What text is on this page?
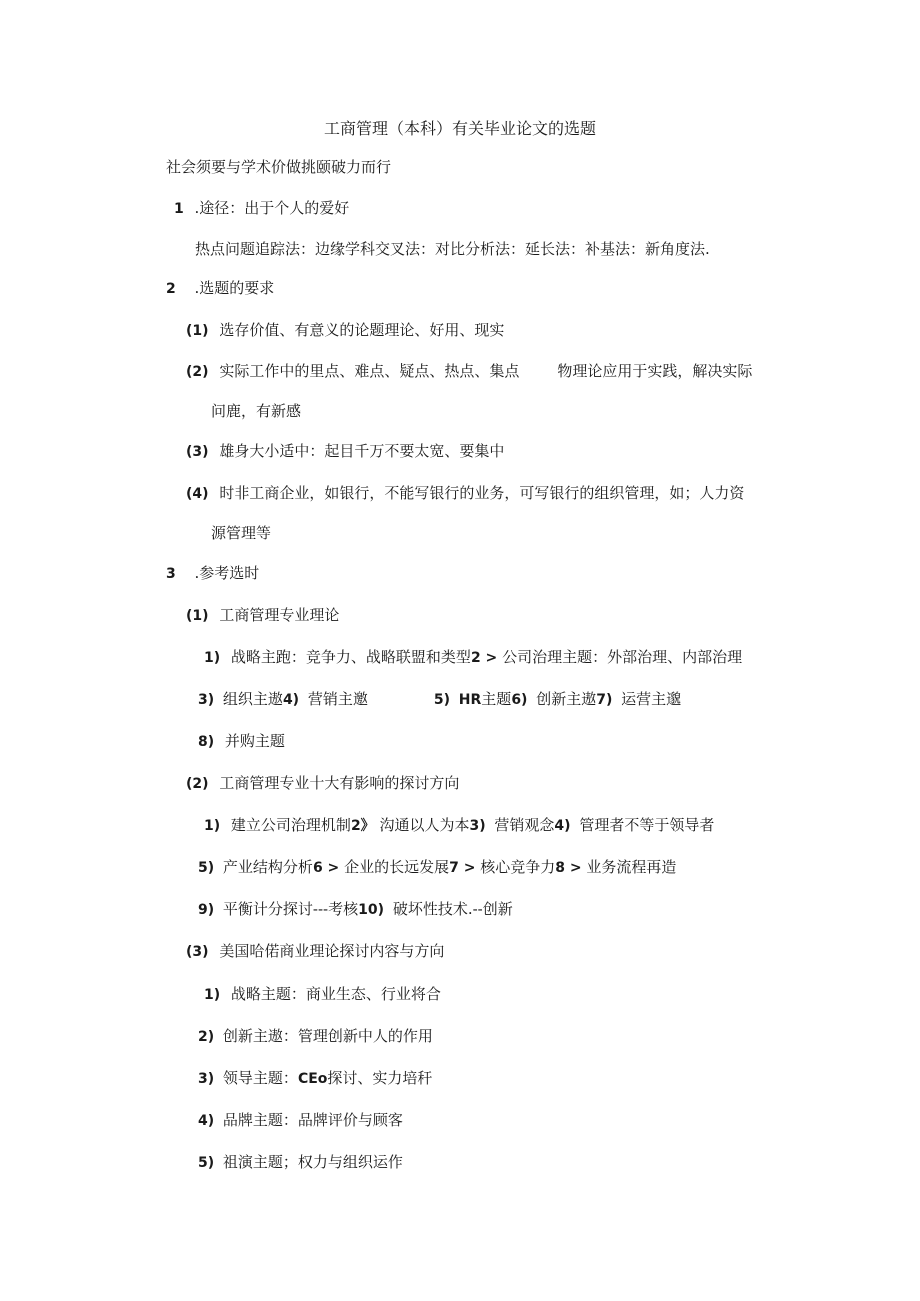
工商管理（本科）有关毕业论文的选题
社会须要与学术价做挑颐破力而行
1 .途径：出于个人的爱好
热点问题追踪法：边缘学科交叉法：对比分析法：延长法：补基法：新角度法.
2 .选题的要求
(1) 选存价值、有意义的论题理论、好用、现实
(2) 实际工作中的里点、难点、疑点、热点、集点	物理论应用于实践，解决实际
问鹿，有新感
(3) 雄身大小适中：起目千万不要太宽、要集中
(4) 时非工商企业，如银行，不能写银行的业务，可写银行的组织管理，如；人力资
源管理等
3 .参考选时
(1) 工商管理专业理论
1) 战略主跑：竞争力、战略联盟和类型2 > 公司治理主题：外部治理、内部治理
3) 组织主遨4) 营销主邀	5) HR主题6) 创新主遨7) 运营主邈
8) 并购主题
(2) 工商管理专业十大有影响的探讨方向
1) 建立公司治理机制2》 沟通以人为本3) 营销观念4) 管理者不等于领导者
5) 产业结构分析6 > 企业的长远发展7 > 核心竞争力8 > 业务流程再造
9) 平衡计分探讨---考核10) 破坏性技术.--创新
(3) 美国哈偌商业理论探讨内容与方向
1) 战略主题：商业生态、行业将合
2) 创新主遨：管理创新中人的作用
3) 领导主题：CEo探讨、实力培秆
4) 品牌主题：品牌评价与顾客
5) 祖演主题；权力与组织运作
